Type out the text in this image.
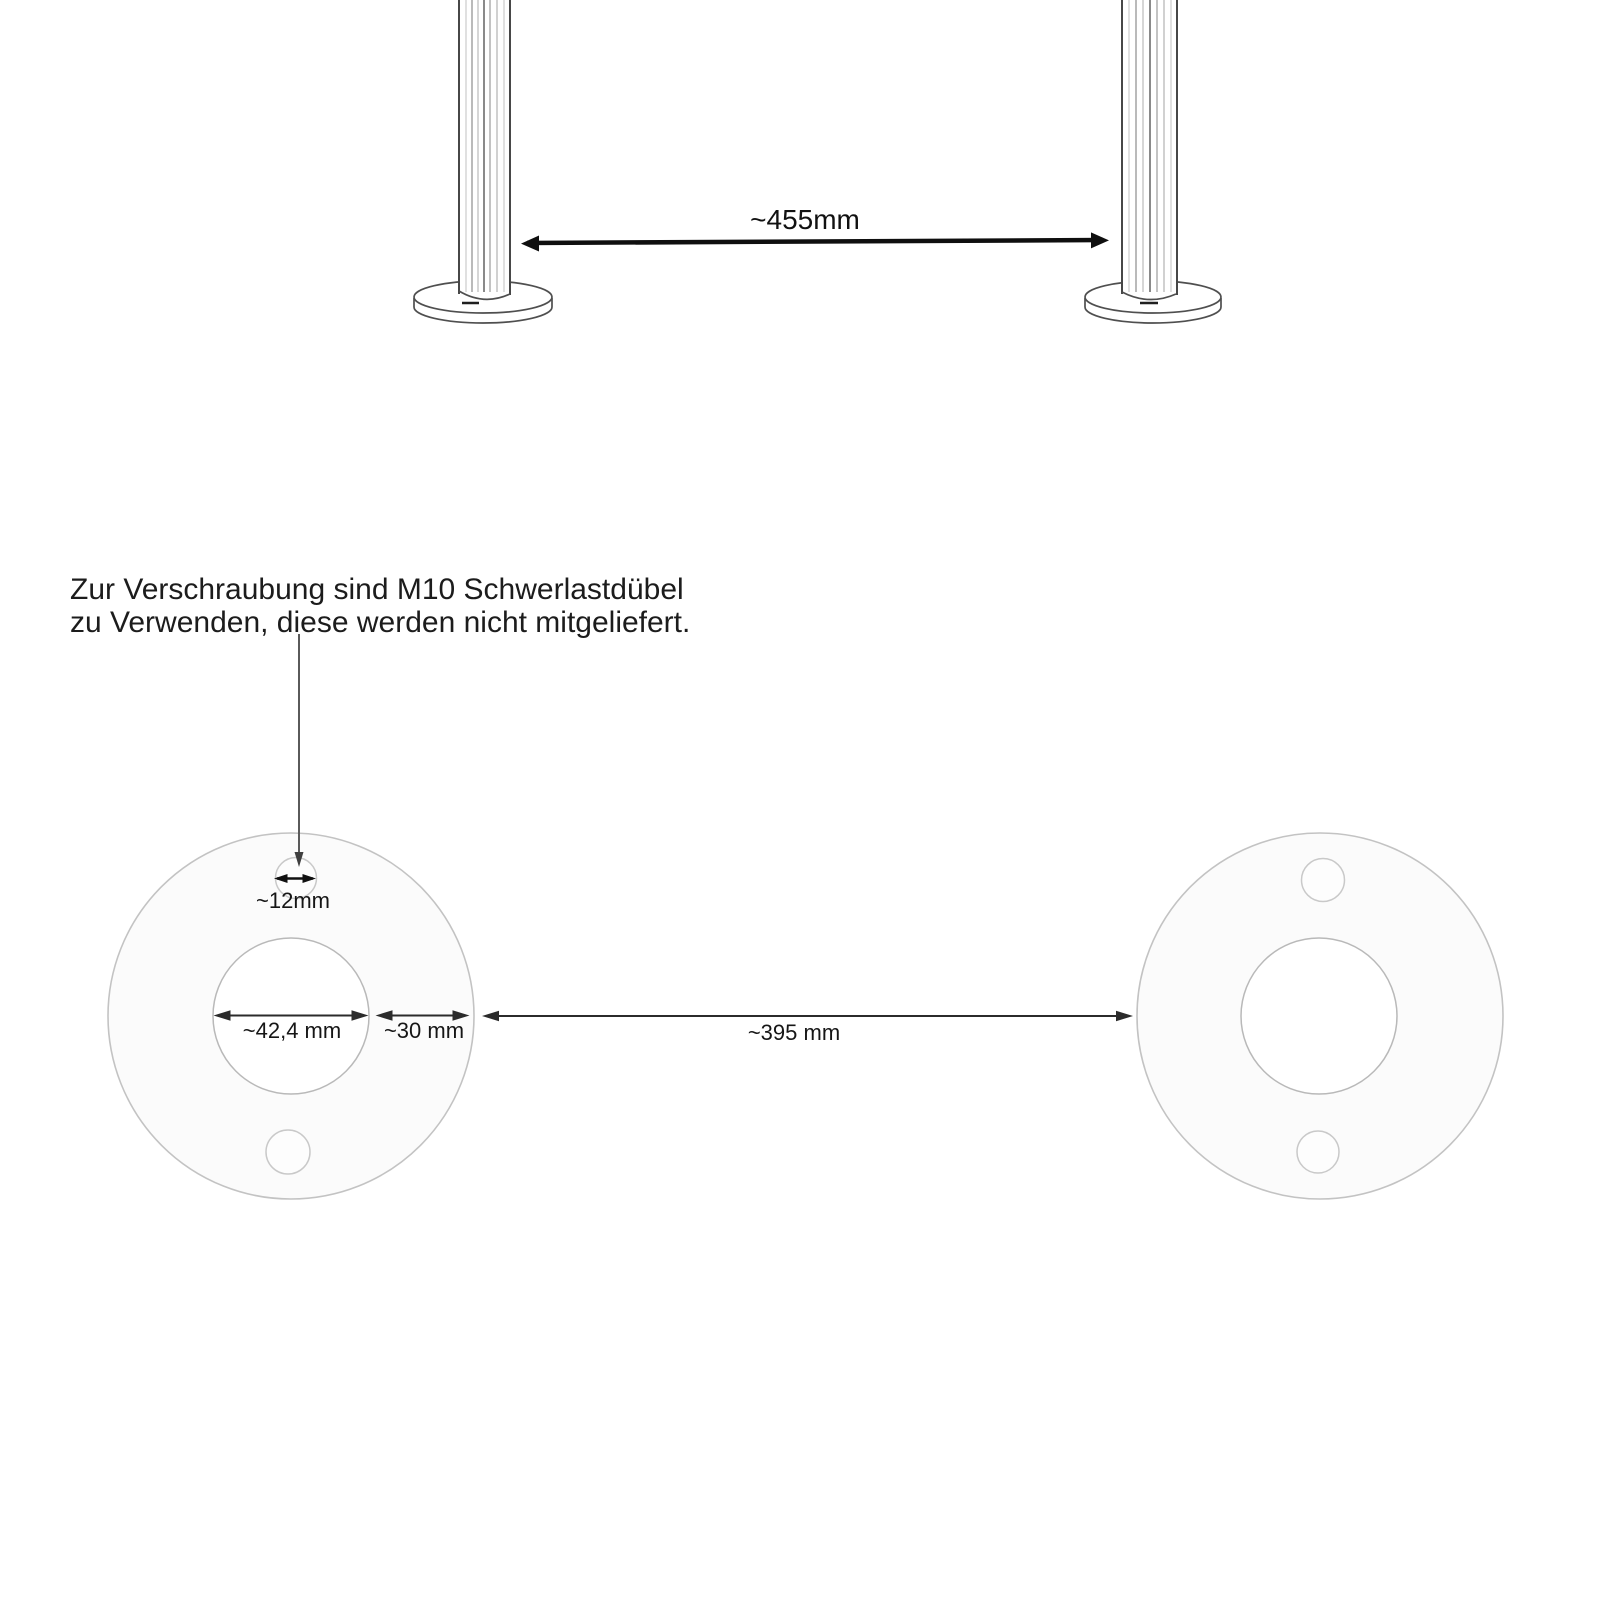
~455mm
Zur Verschraubung sind M10 Schwerlastdübel
zu Verwenden, diese werden nicht mitgeliefert.
~12mm
~42,4 mm ~30 mm	~395 mm
